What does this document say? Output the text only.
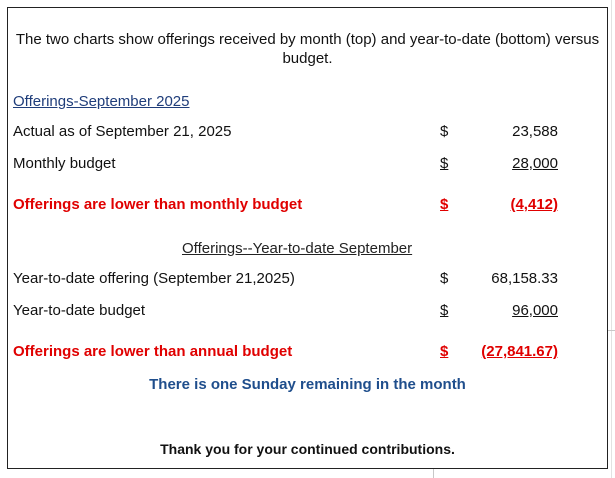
The two charts show offerings received by month (top) and year-to-date (bottom) versus budget.
Offerings-September 2025
Actual as of September 21, 2025	$	23,588
Monthly budget	$	28,000
Offerings are lower than monthly budget	$	(4,412)
Offerings--Year-to-date September
Year-to-date offering (September 21,2025)	$	68,158.33
Year-to-date budget	$	96,000
Offerings are lower than annual budget	$	(27,841.67)
There is one Sunday remaining in the month
Thank you for your continued contributions.
